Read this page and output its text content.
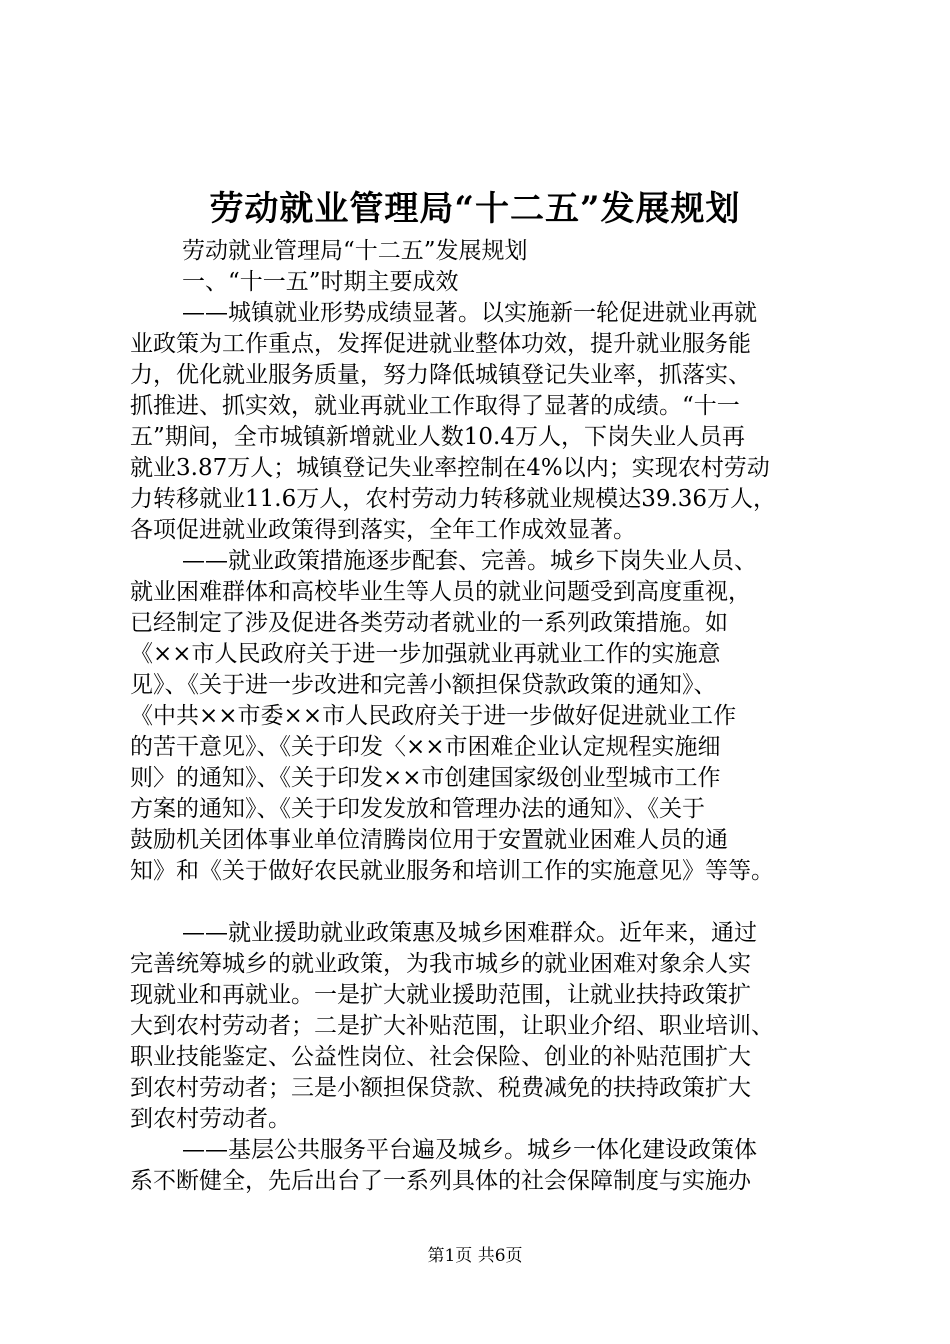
劳动就业管理局“十二五”发展规划
劳动就业管理局“十二五”发展规划
一、“十一五”时期主要成效
——城镇就业形势成绩显著。以实施新一轮促进就业再就
业政策为工作重点，发挥促进就业整体功效，提升就业服务能
力，优化就业服务质量，努力降低城镇登记失业率，抓落实、
抓推进、抓实效，就业再就业工作取得了显著的成绩。“十一
五”期间，全市城镇新增就业人数10.4万人，下岗失业人员再
就业3.87万人；城镇登记失业率控制在4%以内；实现农村劳动
力转移就业11.6万人，农村劳动力转移就业规模达39.36万人，
各项促进就业政策得到落实，全年工作成效显著。
——就业政策措施逐步配套、完善。城乡下岗失业人员、
就业困难群体和高校毕业生等人员的就业问题受到高度重视，
已经制定了涉及促进各类劳动者就业的一系列政策措施。如
《××市人民政府关于进一步加强就业再就业工作的实施意
见》、《关于进一步改进和完善小额担保贷款政策的通知》、
《中共××市委××市人民政府关于进一步做好促进就业工作
的苦干意见》、《关于印发〈××市困难企业认定规程实施细
则〉的通知》、《关于印发××市创建国家级创业型城市工作
方案的通知》、《关于印发发放和管理办法的通知》、《关于
鼓励机关团体事业单位清腾岗位用于安置就业困难人员的通
知》和《关于做好农民就业服务和培训工作的实施意见》等等。
——就业援助就业政策惠及城乡困难群众。近年来，通过
完善统筹城乡的就业政策，为我市城乡的就业困难对象余人实
现就业和再就业。一是扩大就业援助范围，让就业扶持政策扩
大到农村劳动者；二是扩大补贴范围，让职业介绍、职业培训、
职业技能鉴定、公益性岗位、社会保险、创业的补贴范围扩大
到农村劳动者；三是小额担保贷款、税费减免的扶持政策扩大
到农村劳动者。
——基层公共服务平台遍及城乡。城乡一体化建设政策体
系不断健全，先后出台了一系列具体的社会保障制度与实施办
第1页 共6页
